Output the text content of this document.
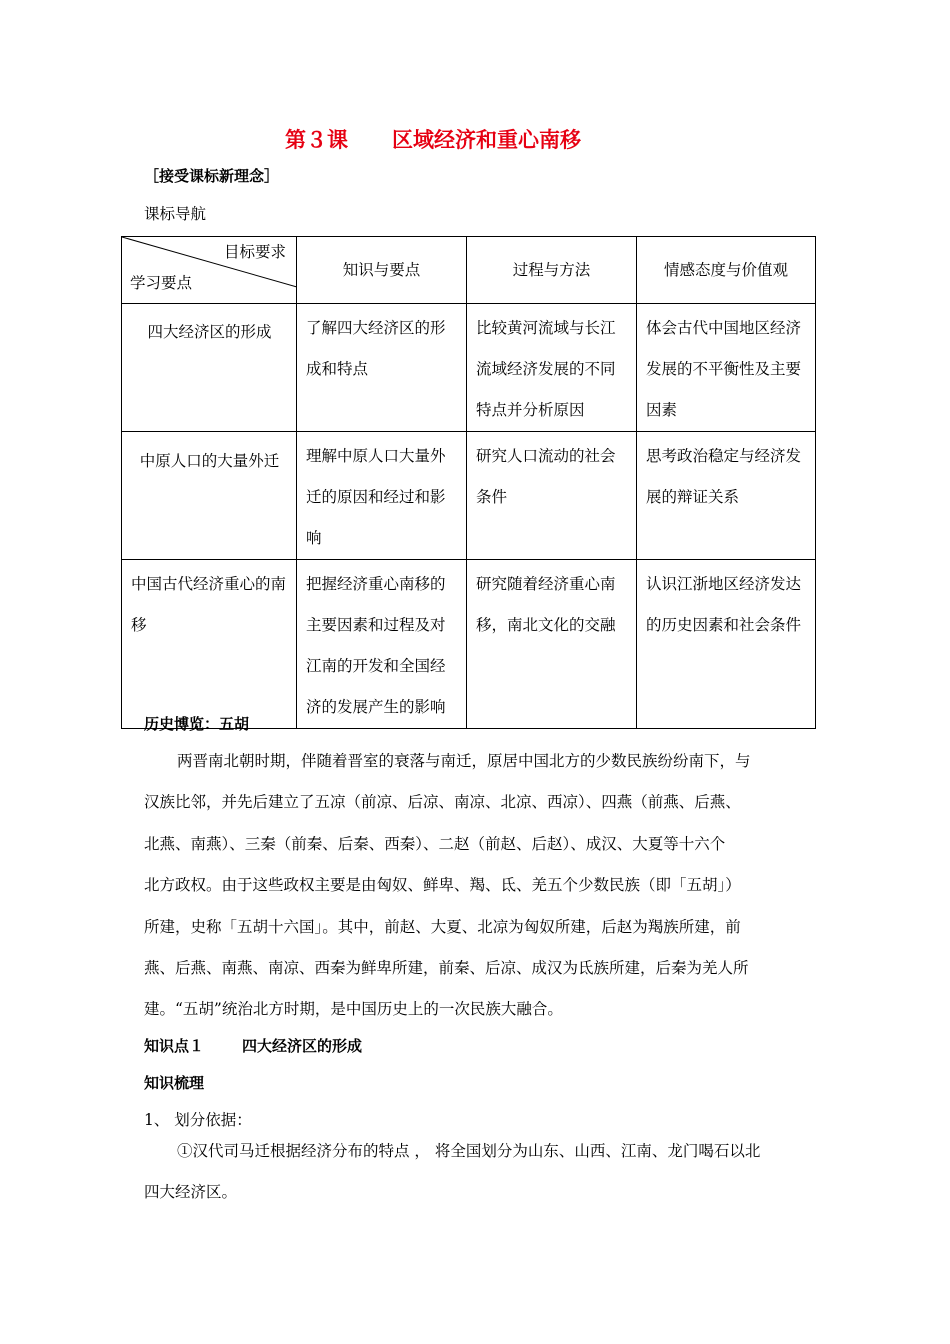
第３课 区域经济和重心南移
［接受课标新理念］
课标导航
目标要求
学习要点	知识与要点	过程与方法	情感态度与价值观

四大经济区的形成	了解四大经济区的形成和特点	比较黄河流域与长江流域经济发展的不同特点并分析原因	体会古代中国地区经济发展的不平衡性及主要因素

中原人口的大量外迁	理解中原人口大量外迁的原因和经过和影响	研究人口流动的社会条件	思考政治稳定与经济发展的辩证关系
中国古代经济重心的南移	把握经济重心南移的主要因素和过程及对江南的开发和全国经济的发展产生的影响	研究随着经济重心南移，南北文化的交融	认识江浙地区经济发达的历史因素和社会条件
历史博览：五胡
两晋南北朝时期，伴随着晋室的衰落与南迁，原居中国北方的少数民族纷纷南下，与
汉族比邻，并先后建立了五凉（前凉、后凉、南凉、北凉、西凉）、四燕（前燕、后燕、
北燕、南燕）、三秦（前秦、后秦、西秦）、二赵（前赵、后赵）、成汉、大夏等十六个
北方政权。由于这些政权主要是由匈奴、鲜卑、羯、氐、羌五个少数民族（即「五胡」）
所建，史称「五胡十六国」。其中，前赵、大夏、北凉为匈奴所建，后赵为羯族所建，前
燕、后燕、南燕、南凉、西秦为鲜卑所建，前秦、后凉、成汉为氐族所建，后秦为羌人所
建。“五胡”统治北方时期，是中国历史上的一次民族大融合。
知识点１	四大经济区的形成
知识梳理
1、 划分依据：
①汉代司马迁根据经济分布的特点 ， 将全国划分为山东、山西、江南、龙门喝石以北
四大经济区。
